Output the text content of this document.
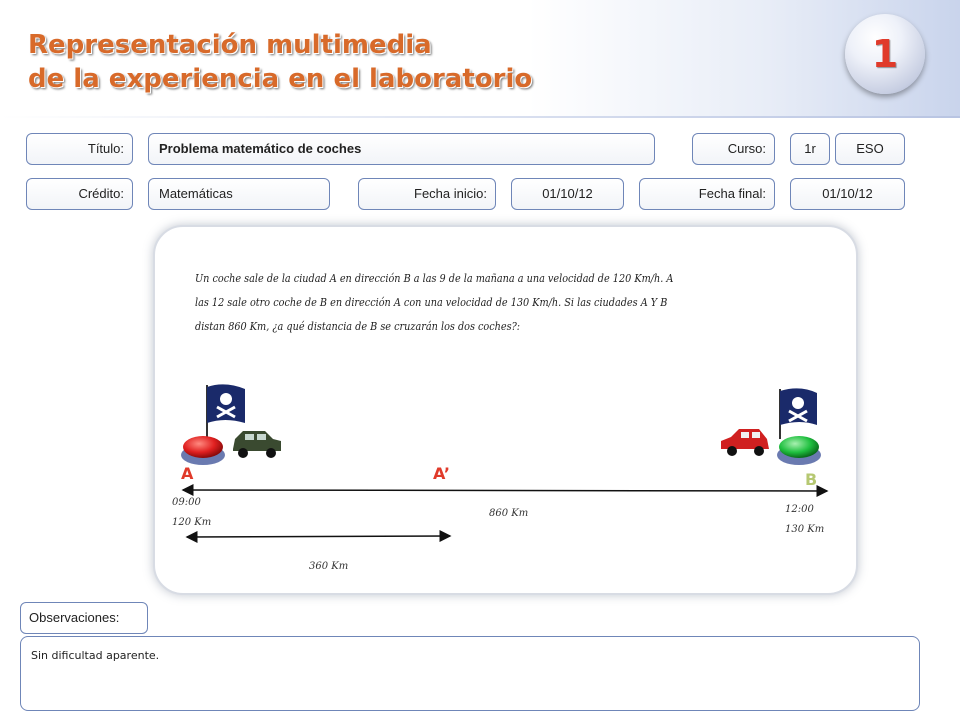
Representación multimedia
de la experiencia en el laboratorio
1
Título:	Problema matemático de coches	Curso:	1r	ESO
Crédito:	Matemáticas	Fecha inicio:	01/10/12	Fecha final:	01/10/12

Un coche sale de la ciudad A en dirección B a las 9 de la mañana a una velocidad de 120 Km/h. A las 12 sale otro coche de B en dirección A con una velocidad de 130 Km/h. Si las ciudades A Y B distan 860 Km, ¿a qué distancia de B se cruzarán los dos coches?:

A	B
A’
09:00
120 Km
860 Km	12:00
130 Km
360 Km
Observaciones:
Sin dificultad aparente.
